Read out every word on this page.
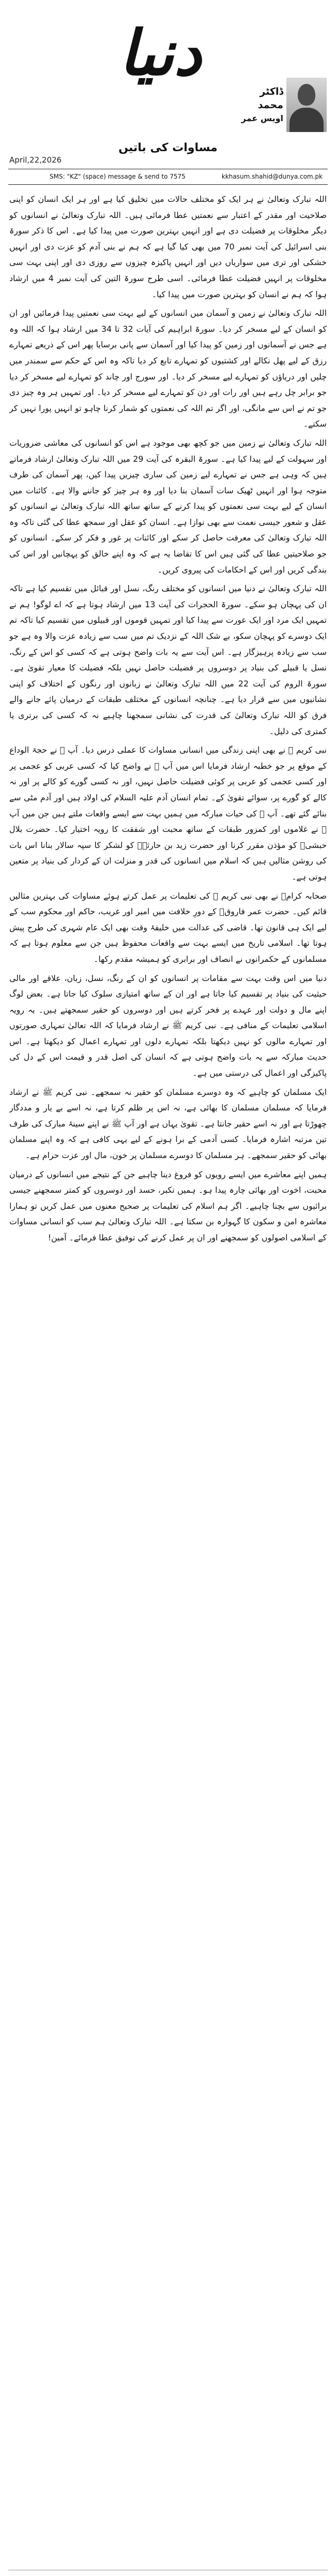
دنیا
ڈاکٹر محمد
اویس عمر
مساوات کی باتیں
April,22,2026
SMS: "KZ" (space) message & send to 7575	kkhasum.shahid@dunya.com.pk

اللہ تبارک وتعالیٰ نے ہر ایک کو مختلف حالات میں تخلیق کیا ہے اور ہر ایک انسان کو اپنی صلاحیت اور مقدر کے اعتبار سے نعمتیں عطا فرمائی ہیں۔ اللہ تبارک وتعالیٰ نے انسانوں کو دیگر مخلوقات پر فضیلت دی ہے اور انہیں بہترین صورت میں پیدا کیا ہے۔ اس کا ذکر سورۃ بنی اسرائیل کی آیت نمبر 70 میں بھی کیا گیا ہے کہ ہم نے بنی آدم کو عزت دی اور انہیں خشکی اور تری میں سواریاں دیں اور انہیں پاکیزہ چیزوں سے روزی دی اور اپنی بہت سی مخلوقات پر انہیں فضیلت عطا فرمائی۔ اسی طرح سورۃ التین کی آیت نمبر 4 میں ارشاد ہوا کہ ہم نے انسان کو بہترین صورت میں پیدا کیا۔

اللہ تبارک وتعالیٰ نے زمین و آسمان میں انسانوں کے لیے بہت سی نعمتیں پیدا فرمائیں اور ان کو انسان کے لیے مسخر کر دیا۔ سورۃ ابراہیم کی آیات 32 تا 34 میں ارشاد ہوا کہ اللہ وہ ہے جس نے آسمانوں اور زمین کو پیدا کیا اور آسمان سے پانی برسایا پھر اس کے ذریعے تمہارے رزق کے لیے پھل نکالے اور کشتیوں کو تمہارے تابع کر دیا تاکہ وہ اس کے حکم سے سمندر میں چلیں اور دریاؤں کو تمہارے لیے مسخر کر دیا۔ اور سورج اور چاند کو تمہارے لیے مسخر کر دیا جو برابر چل رہے ہیں اور رات اور دن کو تمہارے لیے مسخر کر دیا۔ اور تمہیں ہر وہ چیز دی جو تم نے اس سے مانگی، اور اگر تم اللہ کی نعمتوں کو شمار کرنا چاہو تو انہیں پورا نہیں کر سکتے۔

اللہ تبارک وتعالیٰ نے زمین میں جو کچھ بھی موجود ہے اس کو انسانوں کی معاشی ضروریات اور سہولت کے لیے پیدا کیا ہے۔ سورۃ البقرہ کی آیت 29 میں اللہ تبارک وتعالیٰ ارشاد فرماتے ہیں کہ وہی ہے جس نے تمہارے لیے زمین کی ساری چیزیں پیدا کیں، پھر آسمان کی طرف متوجہ ہوا اور انہیں ٹھیک سات آسمان بنا دیا اور وہ ہر چیز کو جاننے والا ہے۔ کائنات میں انسان کے لیے بہت سی نعمتوں کو پیدا کرنے کے ساتھ ساتھ اللہ تبارک وتعالیٰ نے انسانوں کو عقل و شعور جیسی نعمت سے بھی نوازا ہے۔ انسان کو عقل اور سمجھ عطا کی گئی تاکہ وہ اللہ تبارک وتعالیٰ کی معرفت حاصل کر سکے اور کائنات پر غور و فکر کر سکے۔ انسانوں کو جو صلاحیتیں عطا کی گئی ہیں اس کا تقاضا یہ ہے کہ وہ اپنے خالق کو پہچانیں اور اس کی بندگی کریں اور اس کے احکامات کی پیروی کریں۔

اللہ تبارک وتعالیٰ نے دنیا میں انسانوں کو مختلف رنگ، نسل اور قبائل میں تقسیم کیا ہے تاکہ ان کی پہچان ہو سکے۔ سورۃ الحجرات کی آیت 13 میں ارشاد ہوتا ہے کہ اے لوگو! ہم نے تمہیں ایک مرد اور ایک عورت سے پیدا کیا اور تمہیں قوموں اور قبیلوں میں تقسیم کیا تاکہ تم ایک دوسرے کو پہچان سکو، بے شک اللہ کے نزدیک تم میں سب سے زیادہ عزت والا وہ ہے جو سب سے زیادہ پرہیزگار ہے۔ اس آیت سے یہ بات واضح ہوتی ہے کہ کسی کو اس کے رنگ، نسل یا قبیلے کی بنیاد پر دوسروں پر فضیلت حاصل نہیں بلکہ فضیلت کا معیار تقویٰ ہے۔ سورۃ الروم کی آیت 22 میں اللہ تبارک وتعالیٰ نے زبانوں اور رنگوں کے اختلاف کو اپنی نشانیوں میں سے قرار دیا ہے۔ چنانچہ انسانوں کے مختلف طبقات کے درمیان پائے جانے والے فرق کو اللہ تبارک وتعالیٰ کی قدرت کی نشانی سمجھنا چاہیے نہ کہ کسی کی برتری یا کمتری کی دلیل۔

نبی کریم ﷺ نے بھی اپنی زندگی میں انسانی مساوات کا عملی درس دیا۔ آپ ﷺ نے حجۃ الوداع کے موقع پر جو خطبہ ارشاد فرمایا اس میں آپ ﷺ نے واضح کیا کہ کسی عربی کو عجمی پر اور کسی عجمی کو عربی پر کوئی فضیلت حاصل نہیں، اور نہ کسی گورے کو کالے پر اور نہ کالے کو گورے پر، سوائے تقویٰ کے۔ تمام انسان آدم علیہ السلام کی اولاد ہیں اور آدم مٹی سے بنائے گئے تھے۔ آپ ﷺ کی حیات مبارکہ میں ہمیں بہت سے ایسے واقعات ملتے ہیں جن میں آپ ﷺ نے غلاموں اور کمزور طبقات کے ساتھ محبت اور شفقت کا رویہ اختیار کیا۔ حضرت بلال حبشیؓ کو مؤذن مقرر کرنا اور حضرت زید بن حارثہؓ کو لشکر کا سپہ سالار بنانا اس بات کی روشن مثالیں ہیں کہ اسلام میں انسانوں کی قدر و منزلت ان کے کردار کی بنیاد پر متعین ہوتی ہے۔

صحابہ کرامؓ نے بھی نبی کریم ﷺ کی تعلیمات پر عمل کرتے ہوئے مساوات کی بہترین مثالیں قائم کیں۔ حضرت عمر فاروقؓ کے دورِ خلافت میں امیر اور غریب، حاکم اور محکوم سب کے لیے ایک ہی قانون تھا۔ قاضی کی عدالت میں خلیفۂ وقت بھی ایک عام شہری کی طرح پیش ہوتا تھا۔ اسلامی تاریخ میں ایسے بہت سے واقعات محفوظ ہیں جن سے معلوم ہوتا ہے کہ مسلمانوں کے حکمرانوں نے انصاف اور برابری کو ہمیشہ مقدم رکھا۔

دنیا میں اس وقت بہت سے مقامات پر انسانوں کو ان کے رنگ، نسل، زبان، علاقے اور مالی حیثیت کی بنیاد پر تقسیم کیا جاتا ہے اور ان کے ساتھ امتیازی سلوک کیا جاتا ہے۔ بعض لوگ اپنے مال و دولت اور عہدے پر فخر کرتے ہیں اور دوسروں کو حقیر سمجھتے ہیں۔ یہ رویہ اسلامی تعلیمات کے منافی ہے۔ نبی کریم ﷺ نے ارشاد فرمایا کہ اللہ تعالیٰ تمہاری صورتوں اور تمہارے مالوں کو نہیں دیکھتا بلکہ تمہارے دلوں اور تمہارے اعمال کو دیکھتا ہے۔ اس حدیث مبارکہ سے یہ بات واضح ہوتی ہے کہ انسان کی اصل قدر و قیمت اس کے دل کی پاکیزگی اور اعمال کی درستی میں ہے۔

ایک مسلمان کو چاہیے کہ وہ دوسرے مسلمان کو حقیر نہ سمجھے۔ نبی کریم ﷺ نے ارشاد فرمایا کہ مسلمان مسلمان کا بھائی ہے، نہ اس پر ظلم کرتا ہے، نہ اسے بے یار و مددگار چھوڑتا ہے اور نہ اسے حقیر جانتا ہے۔ تقویٰ یہاں ہے اور آپ ﷺ نے اپنے سینۂ مبارک کی طرف تین مرتبہ اشارہ فرمایا۔ کسی آدمی کے برا ہونے کے لیے یہی کافی ہے کہ وہ اپنے مسلمان بھائی کو حقیر سمجھے۔ ہر مسلمان کا دوسرے مسلمان پر خون، مال اور عزت حرام ہے۔

ہمیں اپنے معاشرے میں ایسے رویوں کو فروغ دینا چاہیے جن کے نتیجے میں انسانوں کے درمیان محبت، اخوت اور بھائی چارہ پیدا ہو۔ ہمیں تکبر، حسد اور دوسروں کو کمتر سمجھنے جیسی برائیوں سے بچنا چاہیے۔ اگر ہم اسلام کی تعلیمات پر صحیح معنوں میں عمل کریں تو ہمارا معاشرہ امن و سکون کا گہوارہ بن سکتا ہے۔ اللہ تبارک وتعالیٰ ہم سب کو انسانی مساوات کے اسلامی اصولوں کو سمجھنے اور ان پر عمل کرنے کی توفیق عطا فرمائے۔ آمین!
